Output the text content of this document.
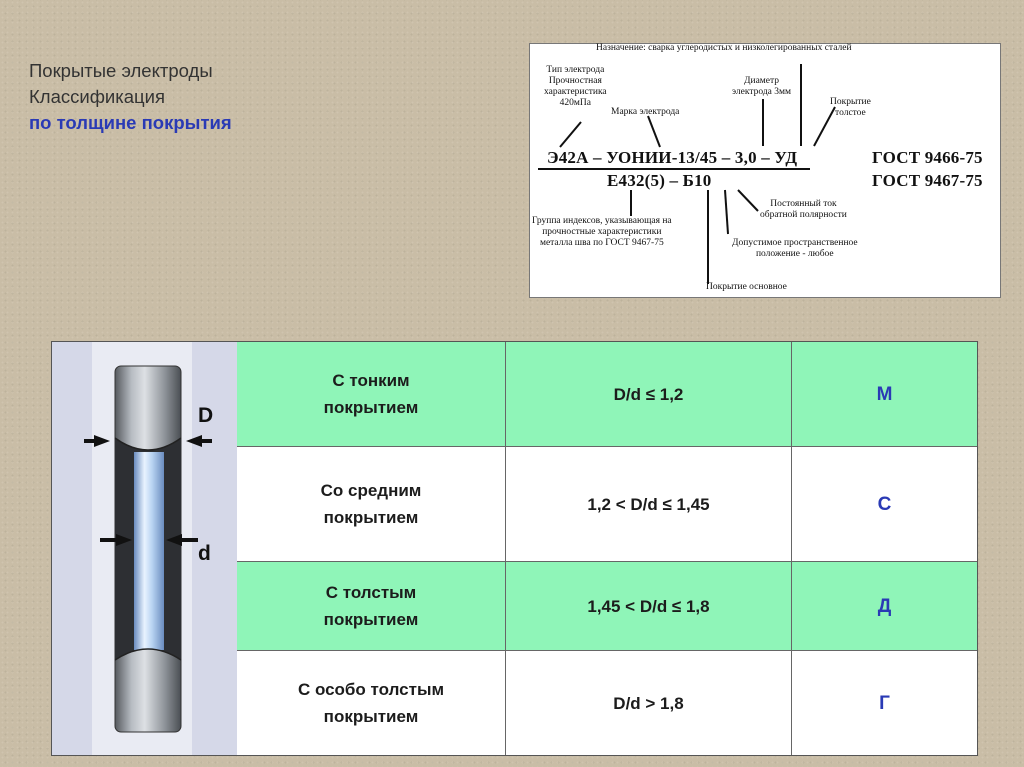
Покрытые электроды
Классификация
по толщине покрытия
Назначение: сварка углеродистых и низколегированных сталей
Тип электрода
Прочностная
характеристика
420мПа
Марка электрода
Диаметр
электрода 3мм
Покрытие
толстое
Э42А – УОНИИ-13/45 – 3,0 – УД	ГОСТ 9466-75
Е432(5) – Б10	ГОСТ 9467-75
Группа индексов, указывающая на
прочностные характеристики
металла шва по ГОСТ 9467-75
Постоянный ток
обратной полярности
Допустимое пространственное
положение - любое
Покрытие основное
D
d
С тонким
покрытием
D/d ≤ 1,2	М
Со средним
покрытием
1,2 < D/d ≤ 1,45	С
С толстым
покрытием
1,45 < D/d ≤ 1,8	Д
С особо толстым
покрытием
D/d > 1,8	Г
